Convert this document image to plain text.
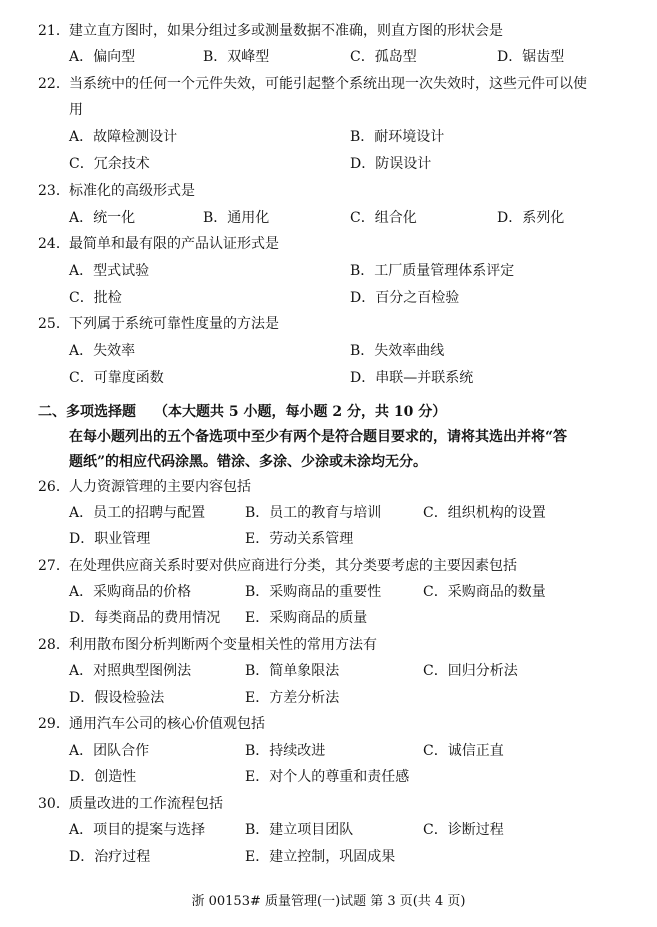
21． 建立直方图时，如果分组过多或测量数据不准确，则直方图的形状会是
A．偏向型	B．双峰型	C．孤岛型	D．锯齿型
22． 当系统中的任何一个元件失效，可能引起整个系统出现一次失效时，这些元件可以使
用
A．故障检测设计	B．耐环境设计
C．冗余技术	D．防误设计
23． 标准化的高级形式是
A．统一化	B．通用化	C．组合化	D．系列化
24． 最简单和最有限的产品认证形式是
A．型式试验	B．工厂质量管理体系评定
C．批检	D．百分之百检验
25． 下列属于系统可靠性度量的方法是
A．失效率	B．失效率曲线
C．可靠度函数	D．串联—并联系统
二、多项选择题 （本大题共 5 小题，每小题 2 分，共 10 分）
在每小题列出的五个备选项中至少有两个是符合题目要求的，请将其选出并将“答
题纸”的相应代码涂黑。错涂、多涂、少涂或未涂均无分。
26． 人力资源管理的主要内容包括
A．员工的招聘与配置	B．员工的教育与培训	C．组织机构的设置
D．职业管理	E．劳动关系管理
27． 在处理供应商关系时要对供应商进行分类，其分类要考虑的主要因素包括
A．采购商品的价格	B．采购商品的重要性	C．采购商品的数量
D．每类商品的费用情况 E．采购商品的质量
28． 利用散布图分析判断两个变量相关性的常用方法有
A．对照典型图例法	B．简单象限法	C．回归分析法
D．假设检验法	E．方差分析法
29． 通用汽车公司的核心价值观包括
A．团队合作	B．持续改进	C．诚信正直
D．创造性	E．对个人的尊重和责任感
30． 质量改进的工作流程包括
A．项目的提案与选择	B．建立项目团队	C．诊断过程
D．治疗过程	E．建立控制，巩固成果
浙 00153# 质量管理(一)试题 第 3 页(共 4 页)
